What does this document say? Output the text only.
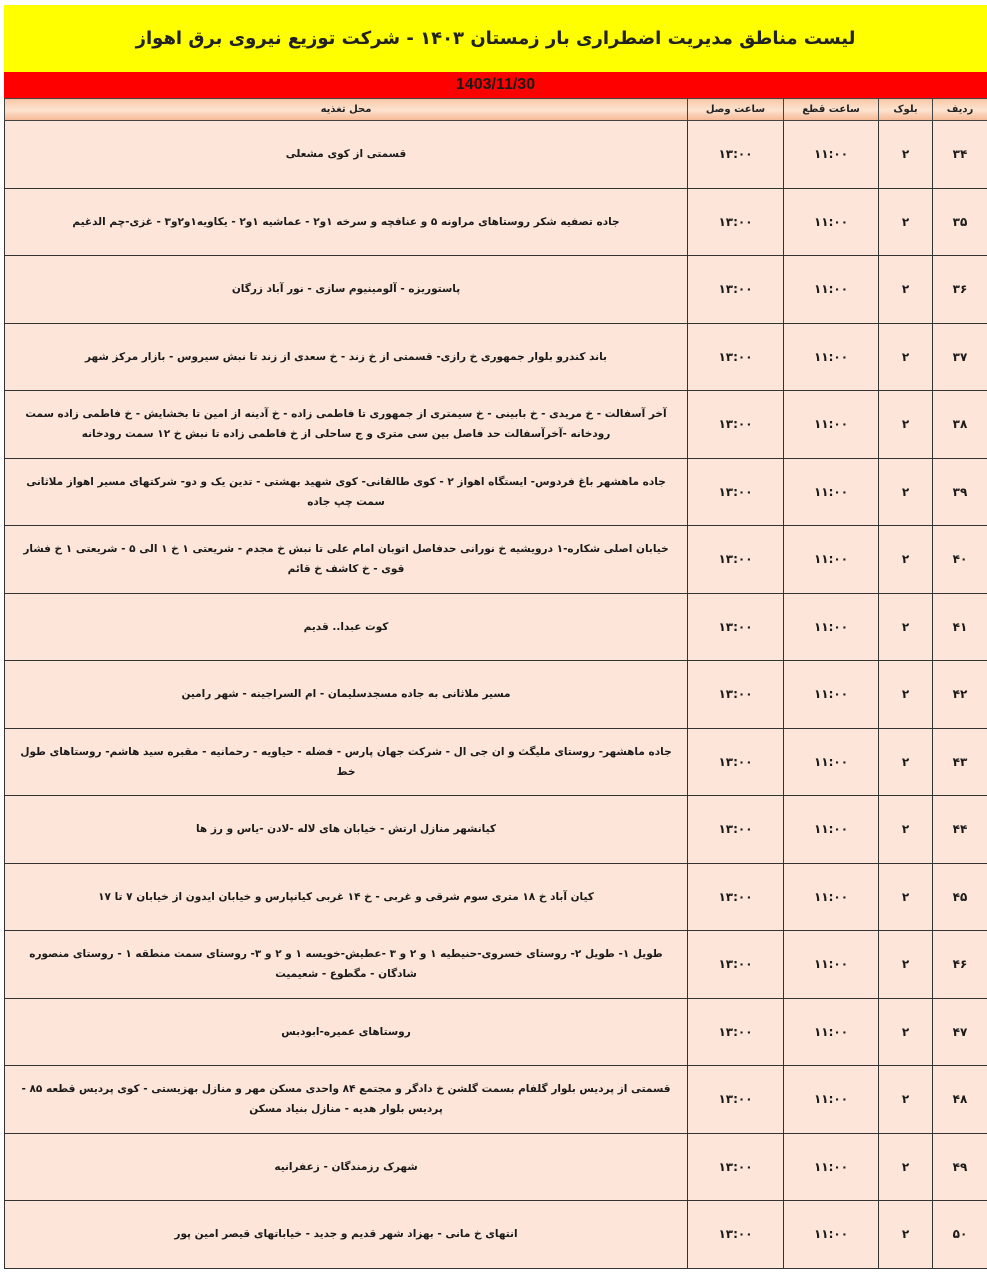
لیست مناطق مدیریت اضطراری بار زمستان ۱۴۰۳ - شرکت توزیع نیروی برق اهواز
1403/11/30
ردیف	بلوک	ساعت قطع	ساعت وصل	محل تغذیه
۳۴	۲	۱۱:۰۰	۱۳:۰۰	قسمتی از کوی مشعلی
۳۵	۲	۱۱:۰۰	۱۳:۰۰	جاده تصفیه شکر روستاهای مراونه ۵ و عنافچه و سرخه ۱و۲ - عماشیه ۱و۲ - یکاویه۱و۲و۳ - غزی-چم الدغیم
۳۶	۲	۱۱:۰۰	۱۳:۰۰	پاستوریزه - آلومینیوم سازی - نور آباد زرگان
۳۷	۲	۱۱:۰۰	۱۳:۰۰	باند کندرو بلوار جمهوری خ رازی- قسمتی از خ زند - خ سعدی از زند تا نبش سیروس - بازار مرکز شهر
۳۸	۲	۱۱:۰۰	۱۳:۰۰	آخر آسفالت - خ مریدی - خ بابینی - خ سیمتری از جمهوری تا فاطمی زاده - خ آدینه از امین تا بخشایش - خ فاطمی زاده سمت رودخانه -آخرآسفالت حد فاصل بین سی متری و ج ساحلی از خ فاطمی زاده تا نبش خ ۱۲ سمت رودخانه
۳۹	۲	۱۱:۰۰	۱۳:۰۰	جاده ماهشهر باغ فردوس- ایستگاه اهواز ۲ - کوی طالقانی- کوی شهید بهشتی - تدین یک و دو- شرکتهای مسیر اهواز ملاثانی سمت چپ جاده
۴۰	۲	۱۱:۰۰	۱۳:۰۰	خیابان اصلی شکاره-۱ درویشیه خ نورانی حدفاصل اتوبان امام علی تا نبش خ مجدم - شریعتی ۱ خ ۱ الی ۵ - شریعتی ۱ خ فشار قوی - خ کاشف خ قائم
۴۱	۲	۱۱:۰۰	۱۳:۰۰	کوت عبدا.. قدیم
۴۲	۲	۱۱:۰۰	۱۳:۰۰	مسیر ملاثانی به جاده مسجدسلیمان - ام السراجینه - شهر رامین
۴۳	۲	۱۱:۰۰	۱۳:۰۰	جاده ماهشهر- روستای ملیگث و ان جی ال - شرکت جهان پارس - فضله - حیاویه - رحمانیه - مقبره سید هاشم- روستاهای طول خط
۴۴	۲	۱۱:۰۰	۱۳:۰۰	کیانشهر منازل ارتش - خیابان های لاله -لادن -یاس و رز ها
۴۵	۲	۱۱:۰۰	۱۳:۰۰	کیان آباد خ ۱۸ متری سوم شرقی و غربی - خ ۱۴ غربی کیانپارس و خیابان ایدون از خیابان ۷ تا ۱۷
۴۶	۲	۱۱:۰۰	۱۳:۰۰	طویل ۱- طویل ۲- روستای خسروی-حنیطیه ۱ و ۲ و ۳ -عطیش-خویسه ۱ و ۲ و ۳- روستای سمت منطقه ۱ - روستای منصوره شادگان - مگطوع - شعیمیت
۴۷	۲	۱۱:۰۰	۱۳:۰۰	روستاهای عمیره-ابودبس
۴۸	۲	۱۱:۰۰	۱۳:۰۰	قسمتی از پردیس بلوار گلفام بسمت گلشن خ دادگر و مجتمع ۸۴ واحدی مسکن مهر و منازل بهزیستی - کوی پردیس قطعه ۸۵ - پردیس بلوار هدیه - منازل بنیاد مسکن
۴۹	۲	۱۱:۰۰	۱۳:۰۰	شهرک رزمندگان - زعفرانیه
۵۰	۲	۱۱:۰۰	۱۳:۰۰	انتهای خ مانی - بهزاد شهر قدیم و جدید - خیاباتهای قیصر امین پور
